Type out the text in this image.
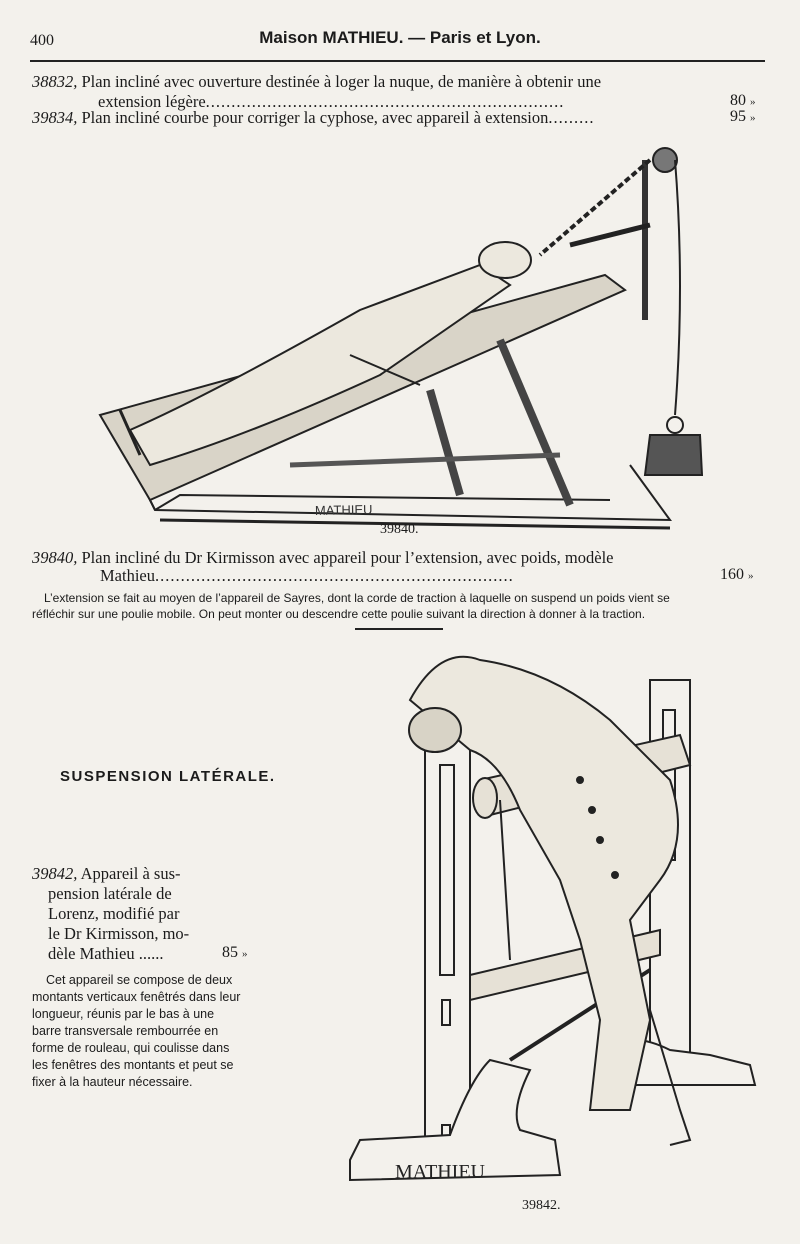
400	Maison MATHIEU. — Paris et Lyon.
38832, Plan incliné avec ouverture destinée à loger la nuque, de manière à obtenir une
extension légère......................................................................	80 »
39834, Plan incliné courbe pour corriger la cyphose, avec appareil à extension.........	95 »
MATHIEU
39840.
39840, Plan incliné du Dr Kirmisson avec appareil pour l’extension, avec poids, modèle
Mathieu......................................................................	160 »
L’extension se fait au moyen de l’appareil de Sayres, dont la corde de traction à laquelle on suspend un poids vient se
réfléchir sur une poulie mobile. On peut monter ou descendre cette poulie suivant la direction à donner à la traction.
SUSPENSION LATÉRALE.
39842, Appareil à sus-
pension latérale de
Lorenz, modifié par
le Dr Kirmisson, mo-
dèle Mathieu ......	85 »
Cet appareil se compose de deux
montants verticaux fenêtrés dans leur
longueur, réunis par le bas à une
barre transversale rembourrée en
forme de rouleau, qui coulisse dans
les fenêtres des montants et peut se
fixer à la hauteur nécessaire.
MATHIEU
39842.
